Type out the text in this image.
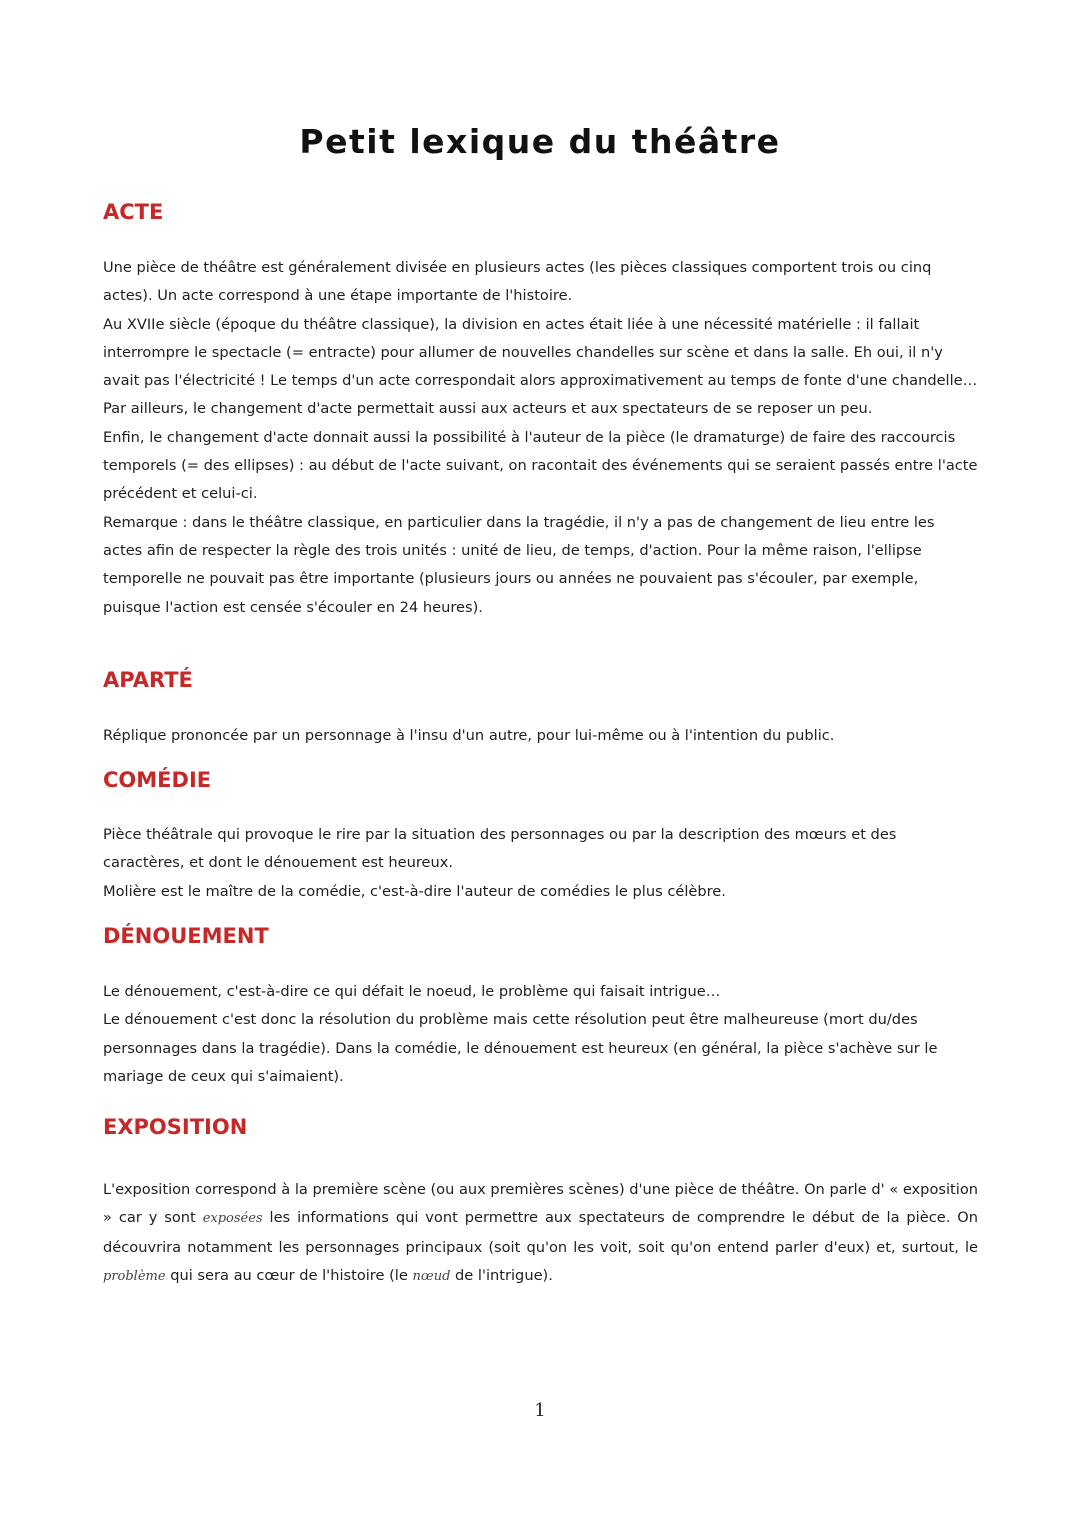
Petit lexique du théâtre
ACTE

Une pièce de théâtre est généralement divisée en plusieurs actes (les pièces classiques comportent trois ou cinq actes). Un acte correspond à une étape importante de l'histoire.

Au XVIIe siècle (époque du théâtre classique), la division en actes était liée à une nécessité matérielle : il fallait interrompre le spectacle (= entracte) pour allumer de nouvelles chandelles sur scène et dans la salle. Eh oui, il n'y avait pas l'électricité ! Le temps d'un acte correspondait alors approximativement au temps de fonte d'une chandelle…

Par ailleurs, le changement d'acte permettait aussi aux acteurs et aux spectateurs de se reposer un peu.

Enfin, le changement d'acte donnait aussi la possibilité à l'auteur de la pièce (le dramaturge) de faire des raccourcis temporels (= des ellipses) : au début de l'acte suivant, on racontait des événements qui se seraient passés entre l'acte précédent et celui-ci.

Remarque : dans le théâtre classique, en particulier dans la tragédie, il n'y a pas de changement de lieu entre les actes afin de respecter la règle des trois unités : unité de lieu, de temps, d'action. Pour la même raison, l'ellipse temporelle ne pouvait pas être importante (plusieurs jours ou années ne pouvaient pas s'écouler, par exemple, puisque l'action est censée s'écouler en 24 heures).

APARTÉ

Réplique prononcée par un personnage à l'insu d'un autre, pour lui-même ou à l'intention du public.

COMÉDIE

Pièce théâtrale qui provoque le rire par la situation des personnages ou par la description des mœurs et des caractères, et dont le dénouement est heureux.

Molière est le maître de la comédie, c'est-à-dire l'auteur de comédies le plus célèbre.

DÉNOUEMENT

Le dénouement, c'est-à-dire ce qui défait le noeud, le problème qui faisait intrigue…

Le dénouement c'est donc la résolution du problème mais cette résolution peut être malheureuse (mort du/des personnages dans la tragédie). Dans la comédie, le dénouement est heureux (en général, la pièce s'achève sur le mariage de ceux qui s'aimaient).

EXPOSITION

L'exposition correspond à la première scène (ou aux premières scènes) d'une pièce de théâtre. On parle d' « exposition » car y sont exposées les informations qui vont permettre aux spectateurs de comprendre le début de la pièce. On découvrira notamment les personnages principaux (soit qu'on les voit, soit qu'on entend parler d'eux) et, surtout, le problème qui sera au cœur de l'histoire (le nœud de l'intrigue).

1
